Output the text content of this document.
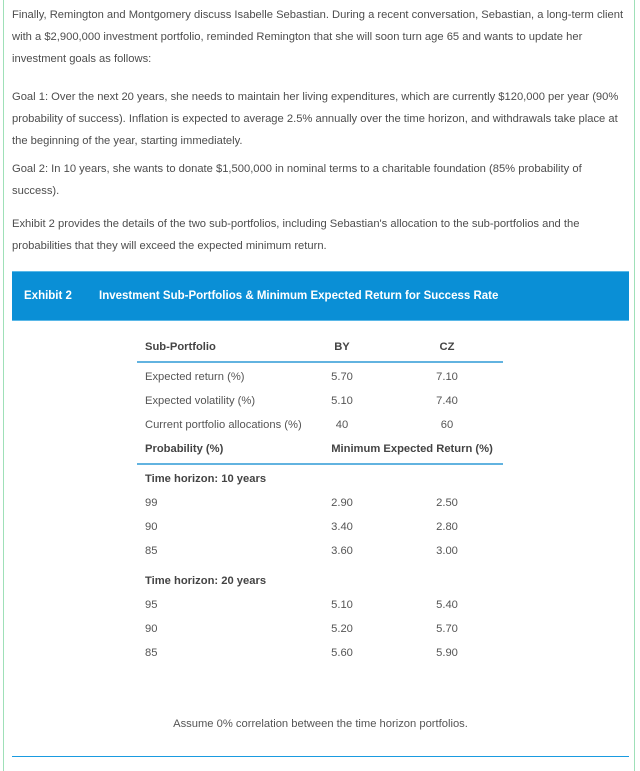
Finally, Remington and Montgomery discuss Isabelle Sebastian. During a recent conversation, Sebastian, a long-term client with a $2,900,000 investment portfolio, reminded Remington that she will soon turn age 65 and wants to update her investment goals as follows:

Goal 1: Over the next 20 years, she needs to maintain her living expenditures, which are currently $120,000 per year (90% probability of success). Inflation is expected to average 2.5% annually over the time horizon, and withdrawals take place at the beginning of the year, starting immediately.

Goal 2: In 10 years, she wants to donate $1,500,000 in nominal terms to a charitable foundation (85% probability of success).

Exhibit 2 provides the details of the two sub-portfolios, including Sebastian's allocation to the sub-portfolios and the probabilities that they will exceed the expected minimum return.

Exhibit 2	Investment Sub-Portfolios & Minimum Expected Return for Success Rate
Sub-Portfolio	BY	CZ
Expected return (%)	5.70	7.10
Expected volatility (%)	5.10	7.40
Current portfolio allocations (%)	40	60
Probability (%)	Minimum Expected Return (%)
Time horizon: 10 years
99	2.90	2.50
90	3.40	2.80
85	3.60	3.00
Time horizon: 20 years
95	5.10	5.40
90	5.20	5.70
85	5.60	5.90
Assume 0% correlation between the time horizon portfolios.
